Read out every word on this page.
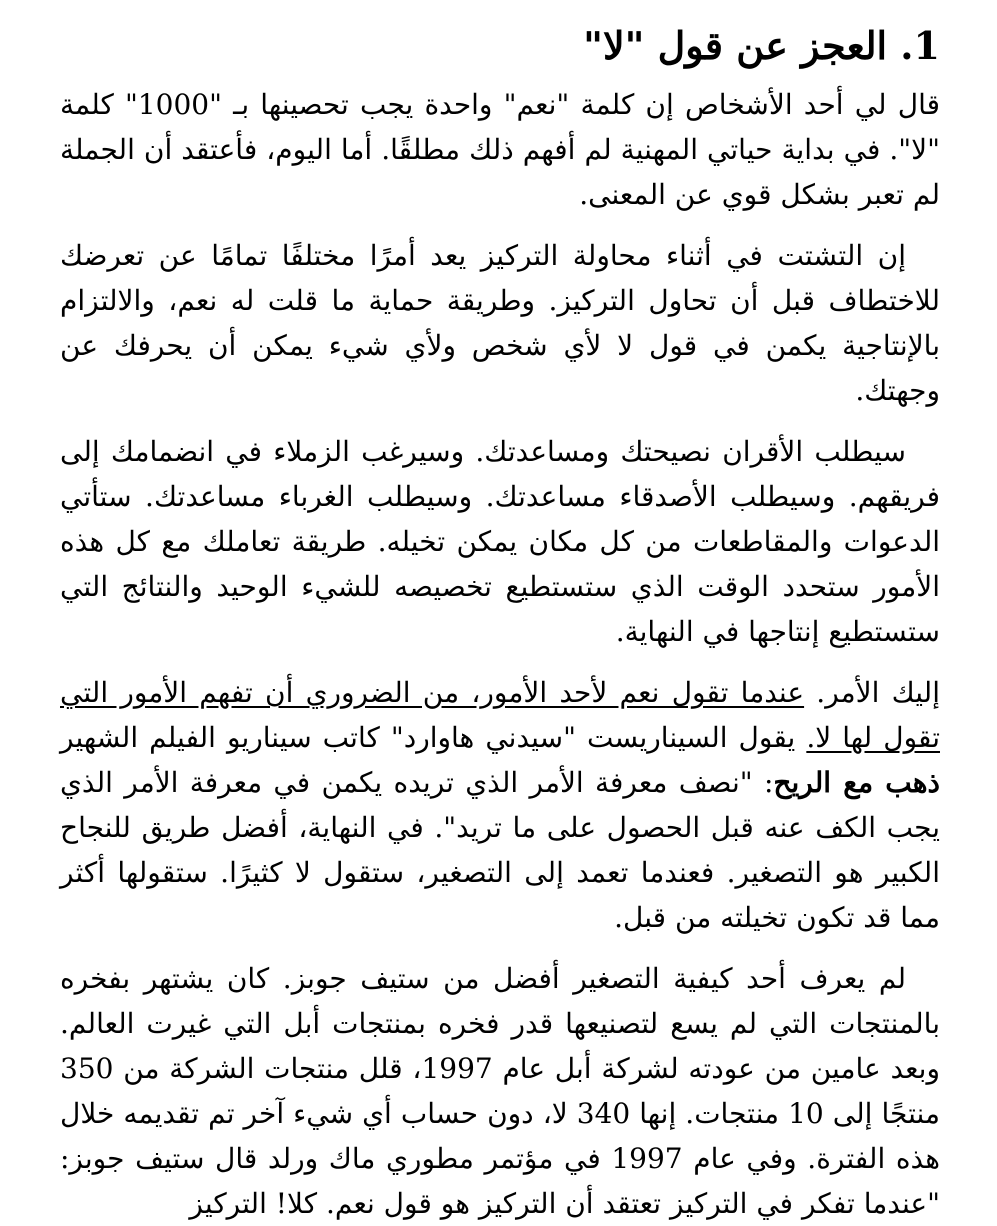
1. العجز عن قول "لا"

قال لي أحد الأشخاص إن كلمة "نعم" واحدة يجب تحصينها بـ "1000" كلمة "لا". في بداية حياتي المهنية لم أفهم ذلك مطلقًا. أما اليوم، فأعتقد أن الجملة لم تعبر بشكل قوي عن المعنى.

إن التشتت في أثناء محاولة التركيز يعد أمرًا مختلفًا تمامًا عن تعرضك للاختطاف قبل أن تحاول التركيز. وطريقة حماية ما قلت له نعم، والالتزام بالإنتاجية يكمن في قول لا لأي شخص ولأي شيء يمكن أن يحرفك عن وجهتك.

سيطلب الأقران نصيحتك ومساعدتك. وسيرغب الزملاء في انضمامك إلى فريقهم. وسيطلب الأصدقاء مساعدتك. وسيطلب الغرباء مساعدتك. ستأتي الدعوات والمقاطعات من كل مكان يمكن تخيله. طريقة تعاملك مع كل هذه الأمور ستحدد الوقت الذي ستستطيع تخصيصه للشيء الوحيد والنتائج التي ستستطيع إنتاجها في النهاية.

إليك الأمر. عندما تقول نعم لأحد الأمور، من الضروري أن تفهم الأمور التي تقول لها لا. يقول السيناريست "سيدني هاوارد" كاتب سيناريو الفيلم الشهير ذهب مع الريح: "نصف معرفة الأمر الذي تريده يكمن في معرفة الأمر الذي يجب الكف عنه قبل الحصول على ما تريد". في النهاية، أفضل طريق للنجاح الكبير هو التصغير. فعندما تعمد إلى التصغير، ستقول لا كثيرًا. ستقولها أكثر مما قد تكون تخيلته من قبل.

لم يعرف أحد كيفية التصغير أفضل من ستيف جوبز. كان يشتهر بفخره بالمنتجات التي لم يسع لتصنيعها قدر فخره بمنتجات أبل التي غيرت العالم. وبعد عامين من عودته لشركة أبل عام 1997، قلل منتجات الشركة من 350 منتجًا إلى 10 منتجات. إنها 340 لا، دون حساب أي شيء آخر تم تقديمه خلال هذه الفترة. وفي عام 1997 في مؤتمر مطوري ماك ورلد قال ستيف جوبز: "عندما تفكر في التركيز تعتقد أن التركيز هو قول نعم. كلا! التركيز
